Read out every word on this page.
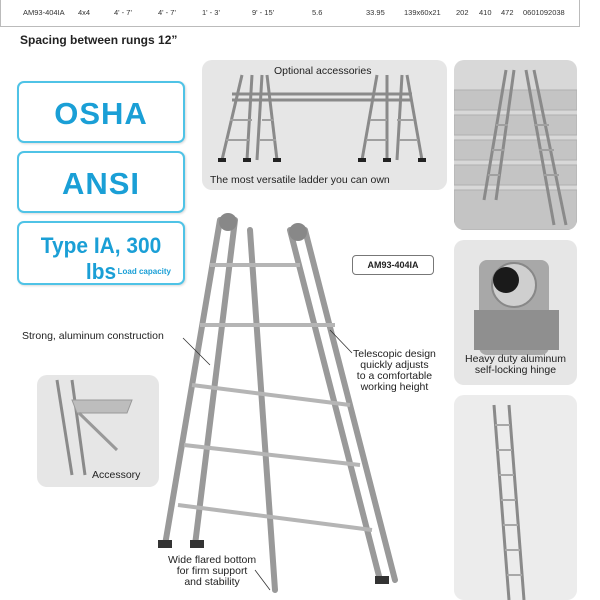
AM93-404IA 4x4	4' - 7'	4' - 7'	1' - 3'	9' - 15'	5.6	33.95	139x60x21 202 410 472 0601092038
Spacing between rungs 12”
OSHA
ANSI
Type IA, 300 lbs Load capacity
Optional accessories
The most versatile ladder you can own
AM93-404IA
Strong, aluminum construction
Telescopic design
quickly adjusts
to a comfortable
working height
Wide flared bottom
for firm support
and stability
Heavy duty aluminum self-locking hinge
Accessory
